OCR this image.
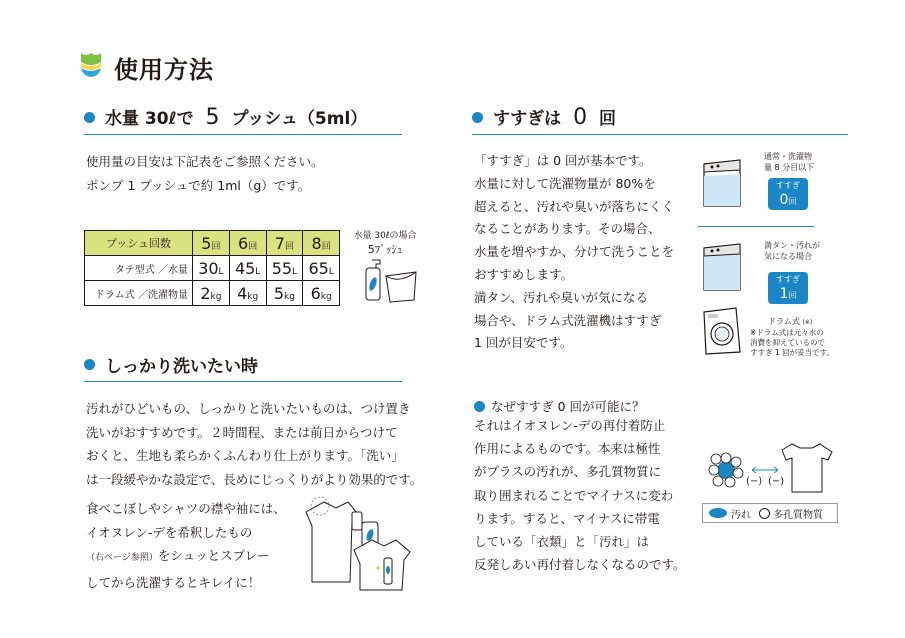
使用方法
水量 30ℓで 5 プッシュ（5ml）
使用量の目安は下記表をご参照ください。
ポンプ 1 プッシュで約 1ml（g）です。
プッシュ回数	5回	6回	7回	8回
タテ型式 ／水量	30L	45L	55L	65L
ドラム式 ／洗濯物量	2kg	4kg	5kg	6kg
水量 30ℓの場合
5ﾌﾟｯｼｭ
しっかり洗いたい時
汚れがひどいもの、しっかりと洗いたいものは、つけ置き
洗いがおすすめです。２時間程、または前日からつけて
おくと、生地も柔らかくふんわり仕上がります。「洗い」
は一段緩やかな設定で、長めにじっくりがより効果的です。
食べこぼしやシャツの襟や袖には、
イオヌレン-デを希釈したもの
（右ページ参照）をシュッとスプレー
してから洗濯するとキレイに！
すすぎは 0 回
「すすぎ」は 0 回が基本です。
水量に対して洗濯物量が 80%を
超えると、汚れや臭いが落ちにくく
なることがあります。その場合、
水量を増やすか、分けて洗うことを
おすすめします。
満タン、汚れや臭いが気になる
場合や、ドラム式洗濯機はすすぎ
1 回が目安です。
通常・洗濯物
量 8 分目以下
すすぎ
0回
満タン・汚れが
気になる場合
すすぎ
1回
ドラム式 (※)
※ドラム式は元々水の
消費を抑えているので
すすぎ 1 回が妥当です。
なぜすすぎ 0 回が可能に？
それはイオヌレン-デの再付着防止
作用によるものです。本来は極性
がプラスの汚れが、多孔質物質に
取り囲まれることでマイナスに変わ
ります。すると、マイナスに帯電
している「衣類」と「汚れ」は
反発しあい再付着しなくなるのです。
(−) (−)
汚れ 多孔質物質
